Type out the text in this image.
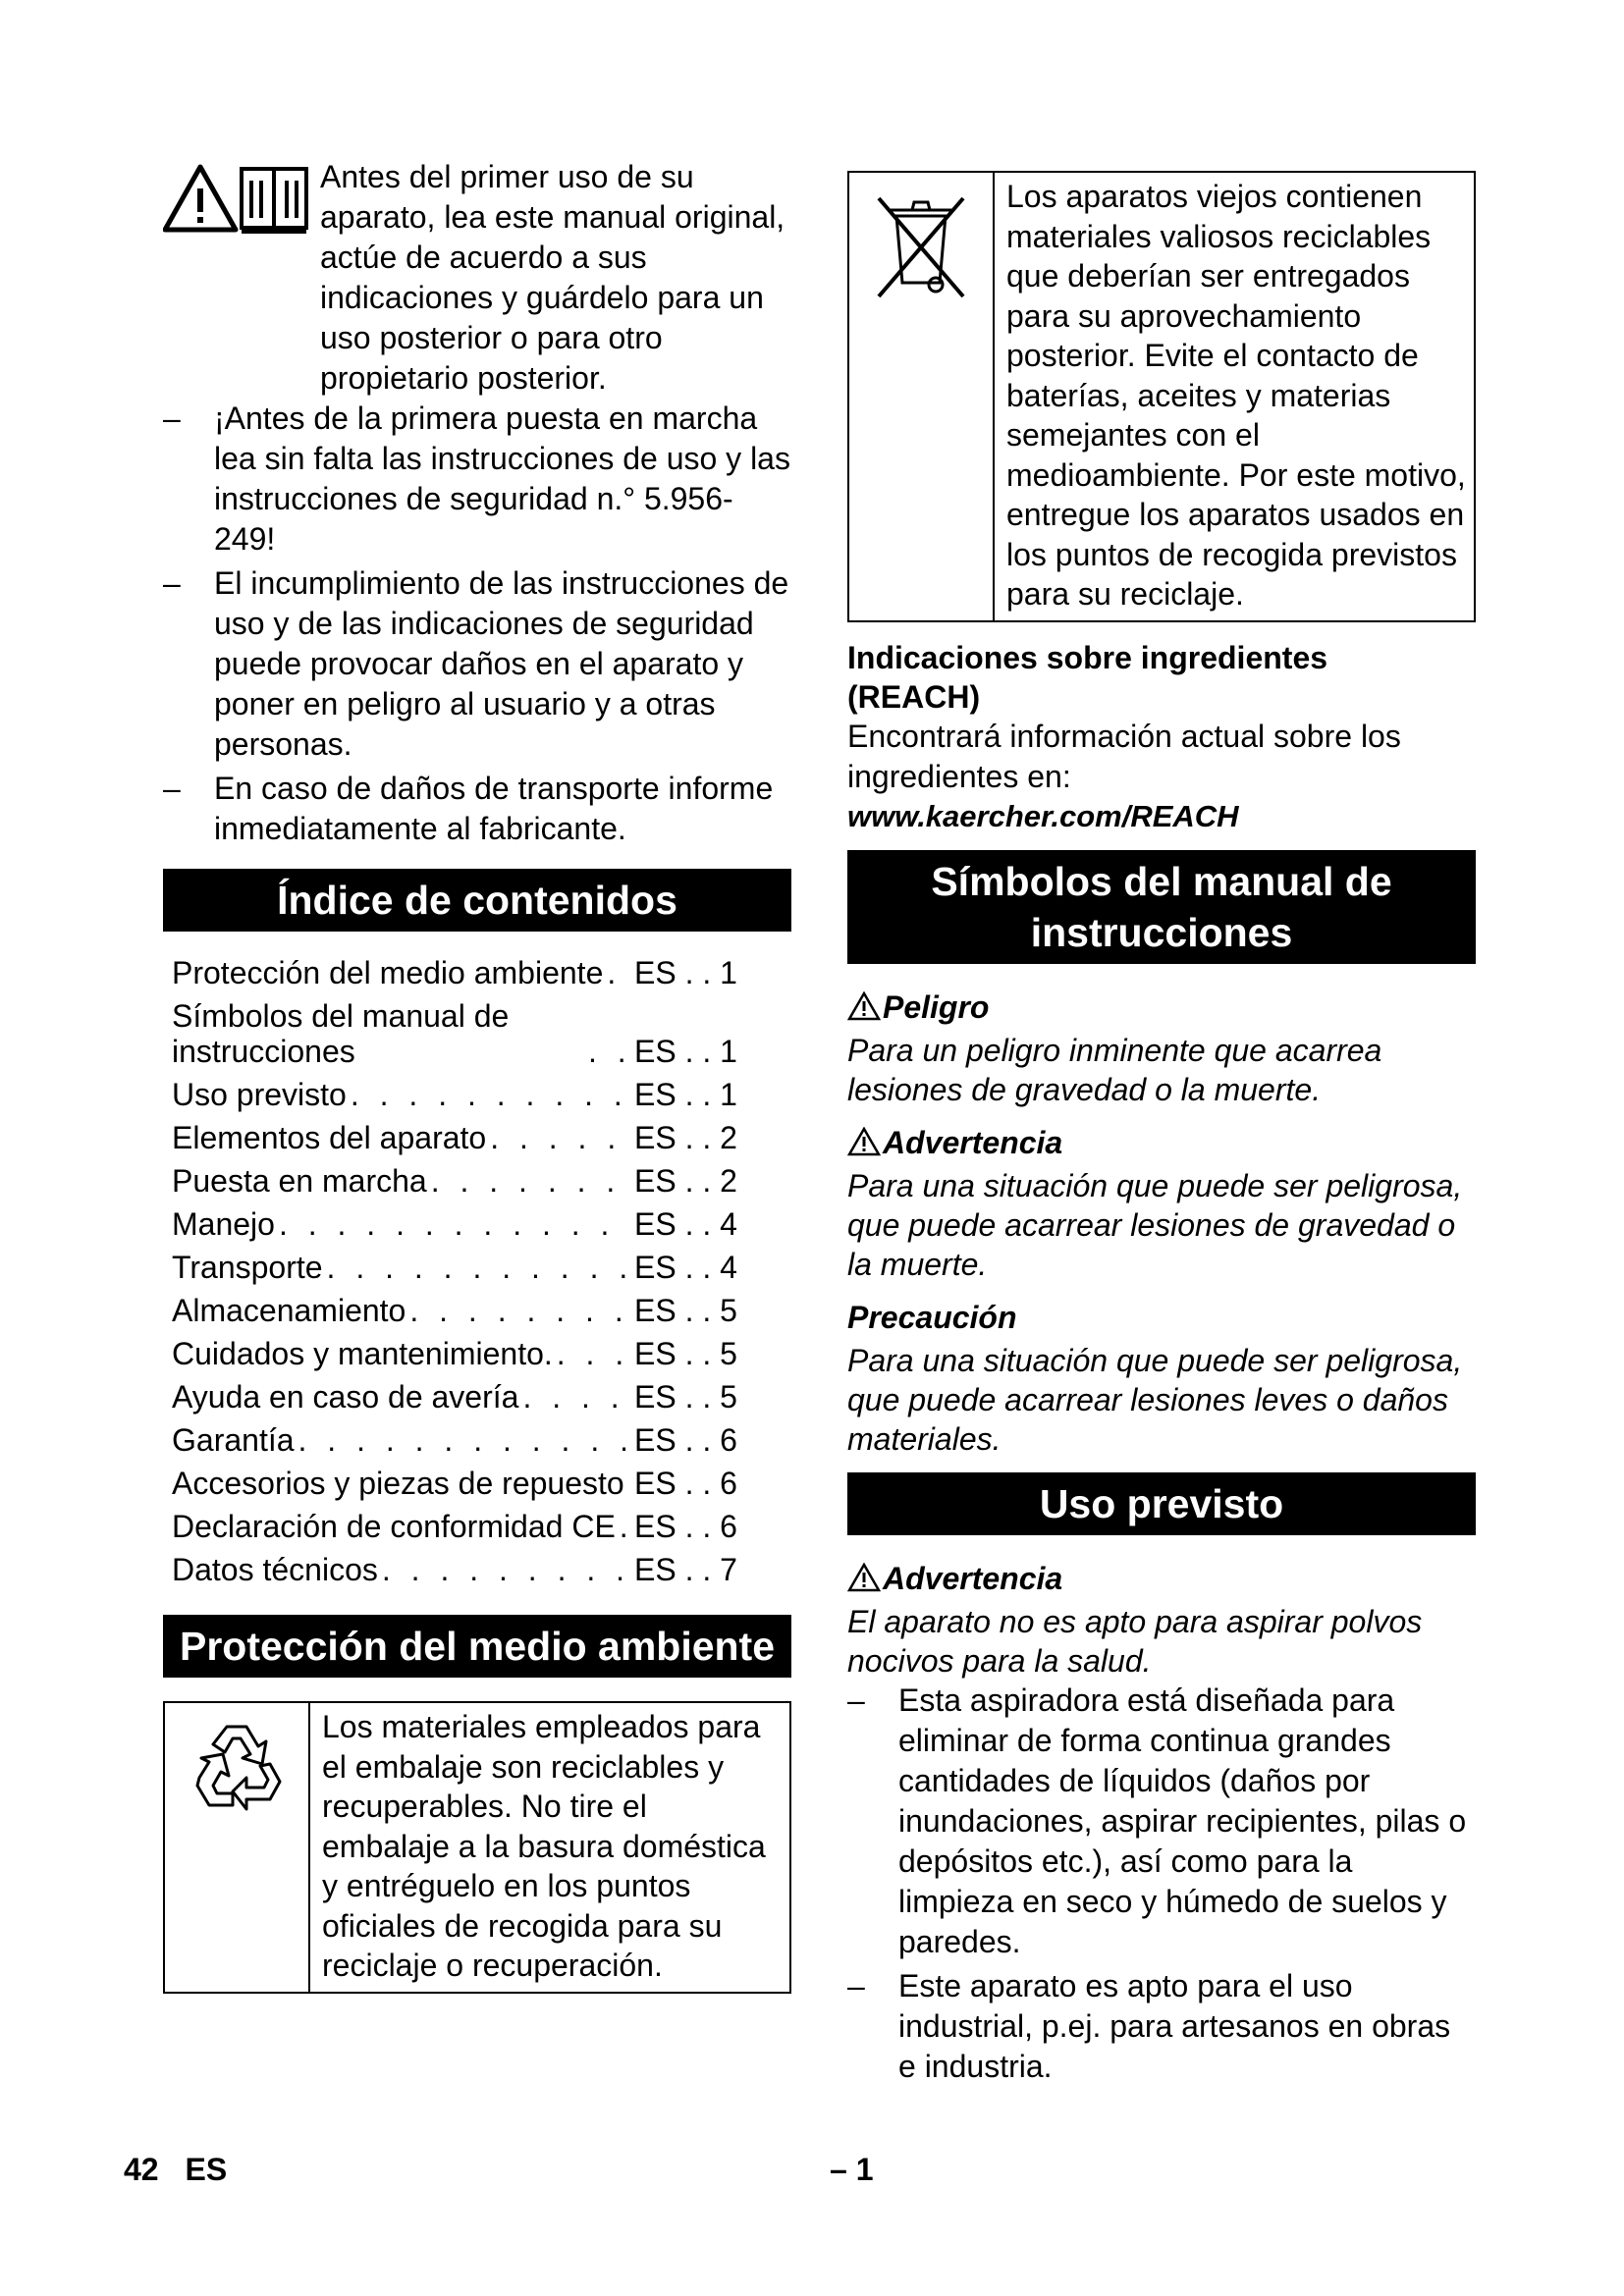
Antes del primer uso de su aparato, lea este manual original, actúe de acuerdo a sus indicaciones y guárdelo para un uso posterior o para otro propietario posterior.

– ¡Antes de la primera puesta en marcha lea sin falta las instrucciones de uso y las instrucciones de seguridad n.° 5.956-249!
– El incumplimiento de las instrucciones de uso y de las indicaciones de seguridad puede provocar daños en el aparato y poner en peligro al usuario y a otras personas.
– En caso de daños de transporte informe inmediatamente al fabricante.
Índice de contenidos
Protección del medio ambiente . . . ES . . 1
Símbolos del manual de instrucciones . . .	ES . . 1
Uso previsto . . .	ES . . 1
Elementos del aparato . . .	ES . . 2
Puesta en marcha . . .	ES . . 2
Manejo . . .	ES . . 4
Transporte . . .	ES . . 4
Almacenamiento . . .	ES . . 5
Cuidados y mantenimiento. . . .	ES . . 5
Ayuda en caso de avería . . .	ES . . 5
Garantía . . .	ES . . 6
Accesorios y piezas de repuesto . . . ES . . 6
Declaración de conformidad CE . . . ES . . 6
Datos técnicos . . .	ES . . 7
Protección del medio ambiente
Los materiales empleados para el embalaje son reciclables y recuperables. No tire el embalaje a la basura doméstica y entréguelo en los puntos oficiales de recogida para su reciclaje o recuperación.
Los aparatos viejos contienen materiales valiosos reciclables que deberían ser entregados para su aprovechamiento posterior. Evite el contacto de baterías, aceites y materias semejantes con el medioambiente. Por este motivo, entregue los aparatos usados en los puntos de recogida previstos para su reciclaje.

Indicaciones sobre ingredientes (REACH)

Encontrará información actual sobre los ingredientes en:

www.kaercher.com/REACH
Símbolos del manual de instrucciones
Peligro

Para un peligro inminente que acarrea lesiones de gravedad o la muerte.

Advertencia

Para una situación que puede ser peligrosa, que puede acarrear lesiones de gravedad o la muerte.

Precaución

Para una situación que puede ser peligrosa, que puede acarrear lesiones leves o daños materiales.

Uso previsto
Advertencia

El aparato no es apto para aspirar polvos nocivos para la salud.

– Esta aspiradora está diseñada para eliminar de forma continua grandes cantidades de líquidos (daños por inundaciones, aspirar recipientes, pilas o depósitos etc.), así como para la limpieza en seco y húmedo de suelos y paredes.
– Este aparato es apto para el uso industrial, p.ej. para artesanos en obras e industria.
42 ES	– 1
